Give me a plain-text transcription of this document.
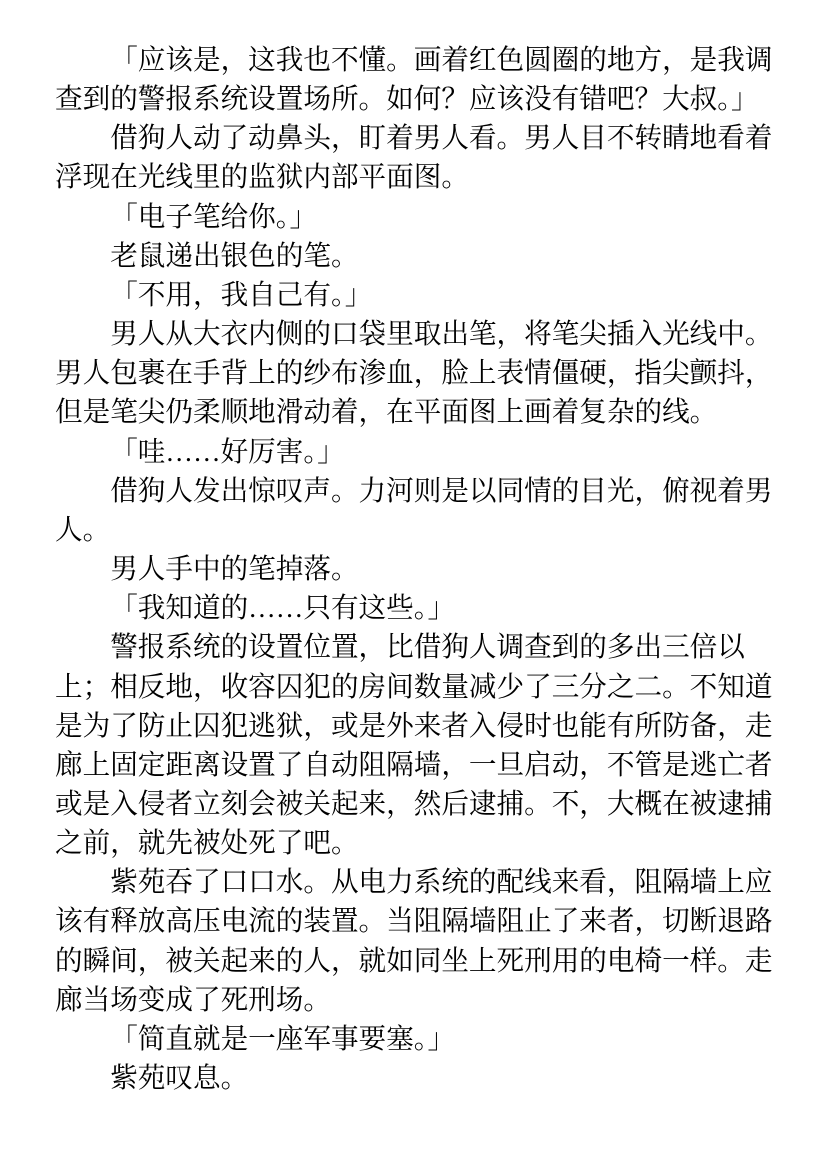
「应该是，这我也不懂。画着红色圆圈的地方，是我调查到的警报系统设置场所。如何？应该没有错吧？大叔。」

借狗人动了动鼻头，盯着男人看。男人目不转睛地看着浮现在光线里的监狱内部平面图。

「电子笔给你。」

老鼠递出银色的笔。

「不用，我自己有。」

男人从大衣内侧的口袋里取出笔，将笔尖插入光线中。男人包裹在手背上的纱布渗血，脸上表情僵硬，指尖颤抖，但是笔尖仍柔顺地滑动着，在平面图上画着复杂的线。

「哇……好厉害。」

借狗人发出惊叹声。力河则是以同情的目光，俯视着男人。

男人手中的笔掉落。

「我知道的……只有这些。」

警报系统的设置位置，比借狗人调查到的多出三倍以上；相反地，收容囚犯的房间数量减少了三分之二。不知道是为了防止囚犯逃狱，或是外来者入侵时也能有所防备，走廊上固定距离设置了自动阻隔墙，一旦启动，不管是逃亡者或是入侵者立刻会被关起来，然后逮捕。不，大概在被逮捕之前，就先被处死了吧。

紫苑吞了口口水。从电力系统的配线来看，阻隔墙上应该有释放高压电流的装置。当阻隔墙阻止了来者，切断退路的瞬间，被关起来的人，就如同坐上死刑用的电椅一样。走廊当场变成了死刑场。

「简直就是一座军事要塞。」

紫苑叹息。
